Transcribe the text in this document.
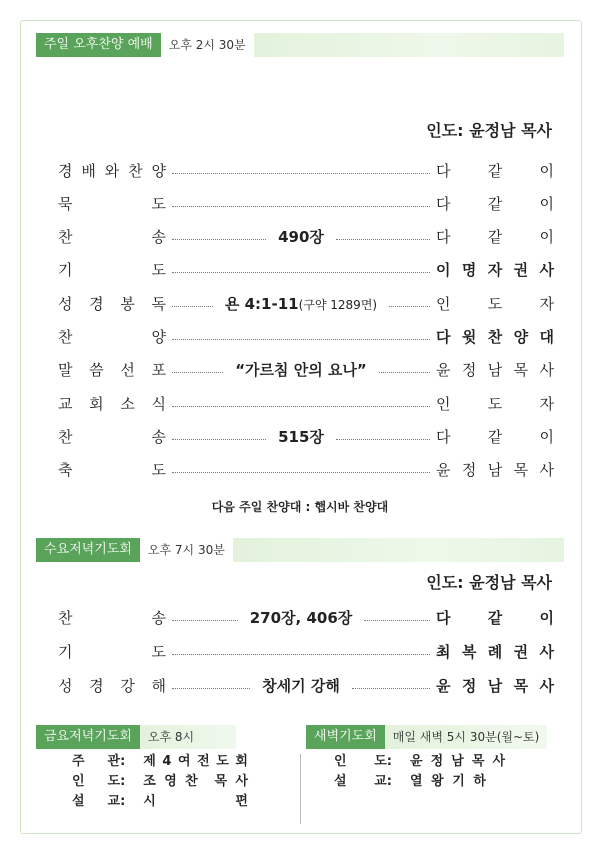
주일 오후찬양 예배	오후 2시 30분
인도: 윤정남 목사
경 배 와 찬 양	다 같 이
묵	도	다 같 이
찬	송	490장	다 같 이
기	도	이 명 자 권 사
성 경 봉 독	욘 4:1-11(구약 1289면)	인 도 자
찬	양	다 윗 찬 양 대
말 씀 선 포	“가르침 안의 요나”	윤 정 남 목 사
교 회 소 식	인 도 자
찬	송	515장	다 같 이
축	도	윤 정 남 목 사
다음 주일 찬양대 : 햅시바 찬양대
수요저녁기도회	오후 7시 30분
인도: 윤정남 목사
찬	송	270장, 406장	다 같 이
기	도	최 복 례 권 사
성 경 강 해	창세기 강해	윤 정 남 목 사
금요저녁기도회	오후 8시
주 관: 제 4 여 전 도 회
인 도: 조 영 찬 목 사
설 교: 시	편
새벽기도회	매일 새벽 5시 30분(월~토)
인 도: 윤 정 남 목 사
설 교: 열 왕 기 하
